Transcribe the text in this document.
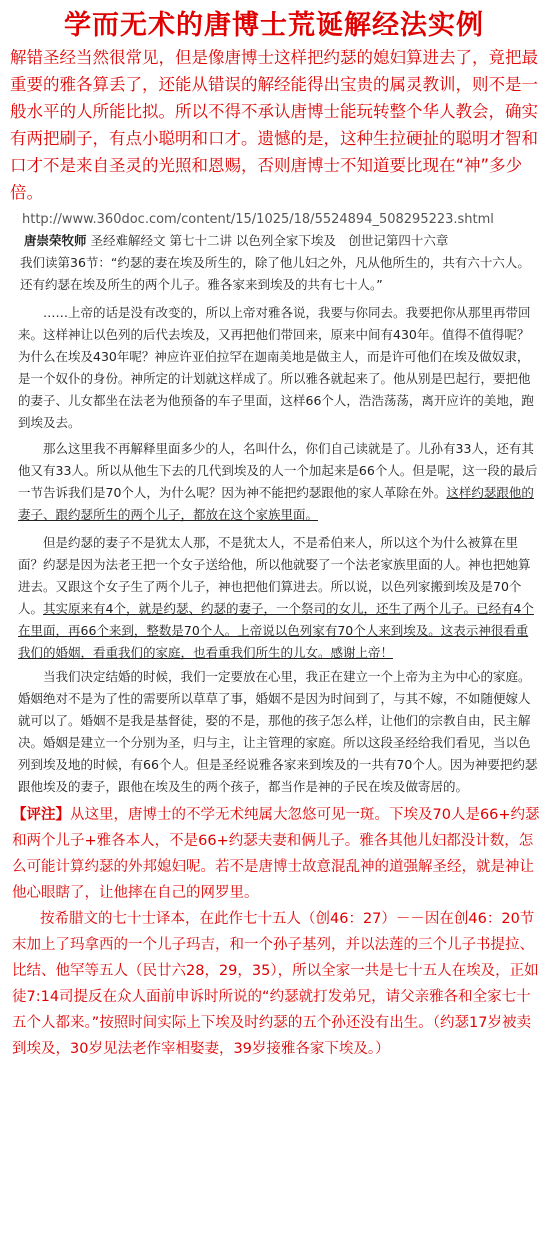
学而无术的唐博士荒诞解经法实例
解错圣经当然很常见，但是像唐博士这样把约瑟的媳妇算进去了，竟把最重要的雅各算丢了，还能从错误的解经能得出宝贵的属灵教训，则不是一般水平的人所能比拟。所以不得不承认唐博士能玩转整个华人教会，确实有两把刷子，有点小聪明和口才。遗憾的是，这种生拉硬扯的聪明才智和口才不是来自圣灵的光照和恩赐，否则唐博士不知道要比现在“神”多少倍。
http://www.360doc.com/content/15/1025/18/5524894_508295223.shtml

唐崇荣牧师 圣经难解经文 第七十二讲 以色列全家下埃及　创世记第四十六章

我们读第36节：“约瑟的妻在埃及所生的，除了他儿妇之外，凡从他所生的，共有六十六人。还有约瑟在埃及所生的两个儿子。雅各家来到埃及的共有七十人。”

……上帝的话是没有改变的，所以上帝对雅各说，我要与你同去。我要把你从那里再带回来。这样神让以色列的后代去埃及，又再把他们带回来，原来中间有430年。值得不值得呢？为什么在埃及430年呢？神应许亚伯拉罕在迦南美地是做主人，而是许可他们在埃及做奴隶，是一个奴仆的身份。神所定的计划就这样成了。所以雅各就起来了。他从别是巴起行，要把他的妻子、儿女都坐在法老为他预备的车子里面，这样66个人，浩浩荡荡，离开应许的美地，跑到埃及去。

那么这里我不再解释里面多少的人，名叫什么，你们自己读就是了。儿孙有33人，还有其他又有33人。所以从他生下去的几代到埃及的人一个加起来是66个人。但是呢，这一段的最后一节告诉我们是70个人，为什么呢？因为神不能把约瑟跟他的家人革除在外。这样约瑟跟他的妻子、跟约瑟所生的两个儿子，都放在这个家族里面。

但是约瑟的妻子不是犹太人那，不是犹太人，不是希伯来人，所以这个为什么被算在里面？约瑟是因为法老王把一个女子送给他，所以他就娶了一个法老家族里面的人。神也把她算进去。又跟这个女子生了两个儿子，神也把他们算进去。所以说，以色列家搬到埃及是70个人。其实原来有4个，就是约瑟、约瑟的妻子，一个祭司的女儿，还生了两个儿子。已经有4个在里面，再66个来到，整数是70个人。上帝说以色列家有70个人来到埃及。这表示神很看重我们的婚姻，看重我们的家庭，也看重我们所生的儿女。感谢上帝！

当我们决定结婚的时候，我们一定要放在心里，我正在建立一个上帝为主为中心的家庭。婚姻绝对不是为了性的需要所以草草了事，婚姻不是因为时间到了，与其不嫁，不如随便嫁人就可以了。婚姻不是我是基督徒，娶的不是，那他的孩子怎么样，让他们的宗教自由，民主解决。婚姻是建立一个分别为圣，归与主，让主管理的家庭。所以这段圣经给我们看见，当以色列到埃及地的时候，有66个人。但是圣经说雅各家来到埃及的一共有70个人。因为神要把约瑟跟他埃及的妻子，跟他在埃及生的两个孩子，都当作是神的子民在埃及做寄居的。

【评注】从这里，唐博士的不学无术纯属大忽悠可见一斑。下埃及70人是66+约瑟和两个儿子+雅各本人，不是66+约瑟夫妻和俩儿子。雅各其他儿妇都没计数，怎么可能计算约瑟的外邦媳妇呢。若不是唐博士故意混乱神的道强解圣经，就是神让他心眼瞎了，让他摔在自己的网罗里。

按希腊文的七十士译本，在此作七十五人（创46：27）－－因在创46：20节末加上了玛拿西的一个儿子玛吉，和一个孙子基列，并以法莲的三个儿子书提拉、比结、他罕等五人（民廿六28，29，35），所以全家一共是七十五人在埃及，正如徒7:14司提反在众人面前申诉时所说的“约瑟就打发弟兄，请父亲雅各和全家七十五个人都来。”按照时间实际上下埃及时约瑟的五个孙还没有出生。（约瑟17岁被卖到埃及，30岁见法老作宰相娶妻，39岁接雅各家下埃及。）
